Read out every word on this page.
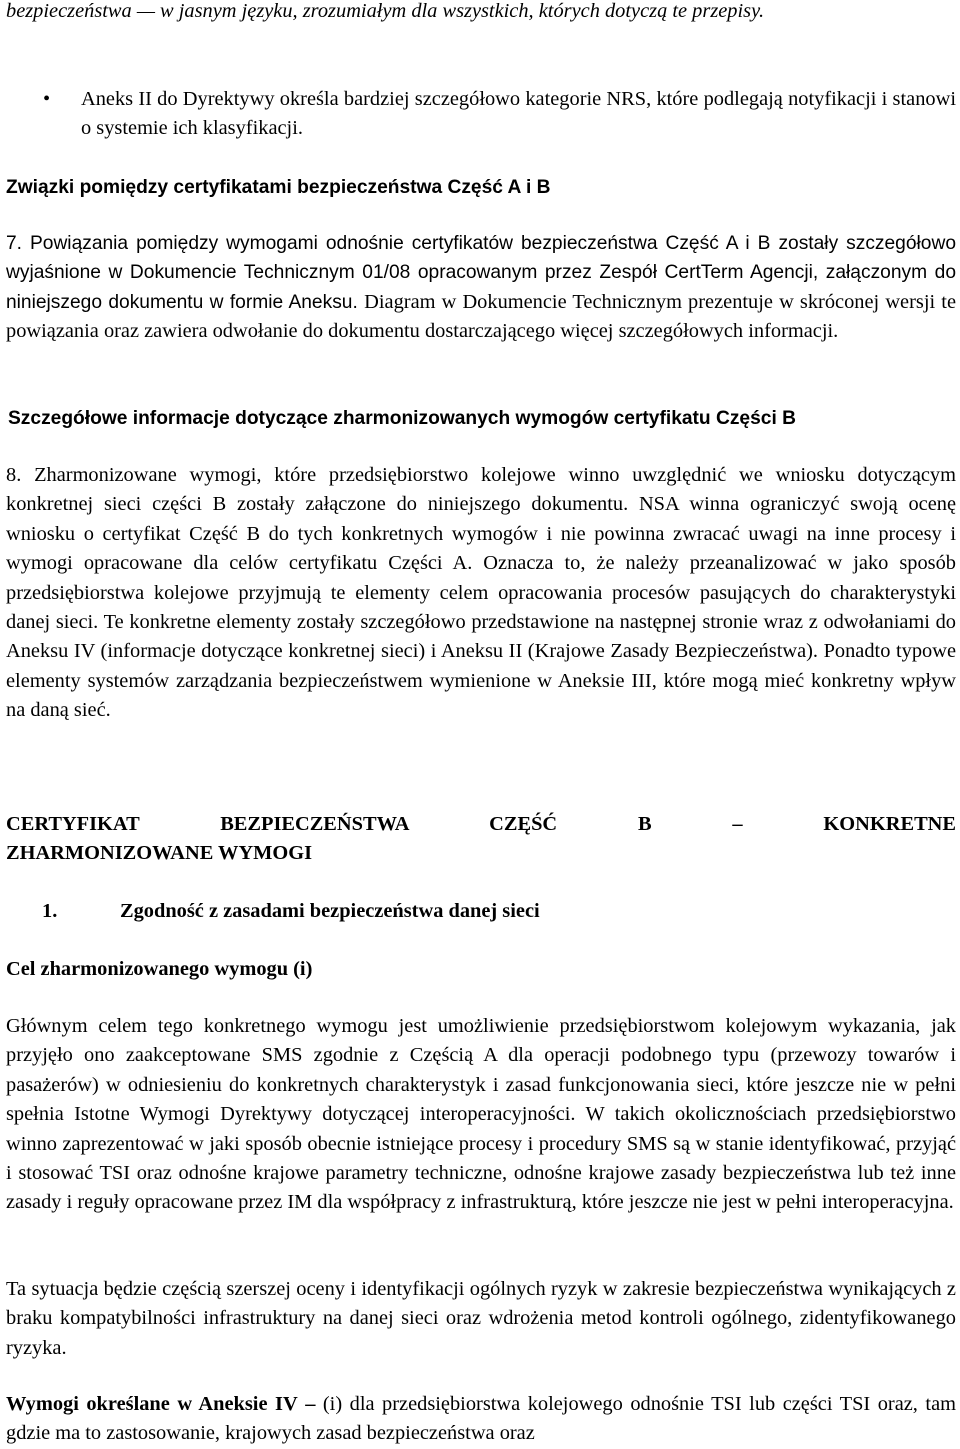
bezpieczeństwa — w jasnym języku, zrozumiałym dla wszystkich, których dotyczą te przepisy.

• Aneks II do Dyrektywy określa bardziej szczegółowo kategorie NRS, które podlegają notyfikacji i stanowi o systemie ich klasyfikacji.

Związki pomiędzy certyfikatami bezpieczeństwa Część A i B

7. Powiązania pomiędzy wymogami odnośnie certyfikatów bezpieczeństwa Część A i B zostały szczegółowo wyjaśnione w Dokumencie Technicznym 01/08 opracowanym przez Zespół CertTerm Agencji, załączonym do niniejszego dokumentu w formie Aneksu. Diagram w Dokumencie Technicznym prezentuje w skróconej wersji te powiązania oraz zawiera odwołanie do dokumentu dostarczającego więcej szczegółowych informacji.

Szczegółowe informacje dotyczące zharmonizowanych wymogów certyfikatu Części B

8. Zharmonizowane wymogi, które przedsiębiorstwo kolejowe winno uwzględnić we wniosku dotyczącym konkretnej sieci części B zostały załączone do niniejszego dokumentu. NSA winna ograniczyć swoją ocenę wniosku o certyfikat Część B do tych konkretnych wymogów i nie powinna zwracać uwagi na inne procesy i wymogi opracowane dla celów certyfikatu Części A. Oznacza to, że należy przeanalizować w jako sposób przedsiębiorstwa kolejowe przyjmują te elementy celem opracowania procesów pasujących do charakterystyki danej sieci. Te konkretne elementy zostały szczegółowo przedstawione na następnej stronie wraz z odwołaniami do Aneksu IV (informacje dotyczące konkretnej sieci) i Aneksu II (Krajowe Zasady Bezpieczeństwa). Ponadto typowe elementy systemów zarządzania bezpieczeństwem wymienione w Aneksie III, które mogą mieć konkretny wpływ na daną sieć.

CERTYFIKAT BEZPIECZEŃSTWA CZĘŚĆ B – KONKRETNE

ZHARMONIZOWANE WYMOGI

1.	Zgodność z zasadami bezpieczeństwa danej sieci

Cel zharmonizowanego wymogu (i)

Głównym celem tego konkretnego wymogu jest umożliwienie przedsiębiorstwom kolejowym wykazania, jak przyjęło ono zaakceptowane SMS zgodnie z Częścią A dla operacji podobnego typu (przewozy towarów i pasażerów) w odniesieniu do konkretnych charakterystyk i zasad funkcjonowania sieci, które jeszcze nie w pełni spełnia Istotne Wymogi Dyrektywy dotyczącej interoperacyjności. W takich okolicznościach przedsiębiorstwo winno zaprezentować w jaki sposób obecnie istniejące procesy i procedury SMS są w stanie identyfikować, przyjąć i stosować TSI oraz odnośne krajowe parametry techniczne, odnośne krajowe zasady bezpieczeństwa lub też inne zasady i reguły opracowane przez IM dla współpracy z infrastrukturą, które jeszcze nie jest w pełni interoperacyjna.

Ta sytuacja będzie częścią szerszej oceny i identyfikacji ogólnych ryzyk w zakresie bezpieczeństwa wynikających z braku kompatybilności infrastruktury na danej sieci oraz wdrożenia metod kontroli ogólnego, zidentyfikowanego ryzyka.

Wymogi określane w Aneksie IV – (i) dla przedsiębiorstwa kolejowego odnośnie TSI lub części TSI oraz, tam gdzie ma to zastosowanie, krajowych zasad bezpieczeństwa oraz
